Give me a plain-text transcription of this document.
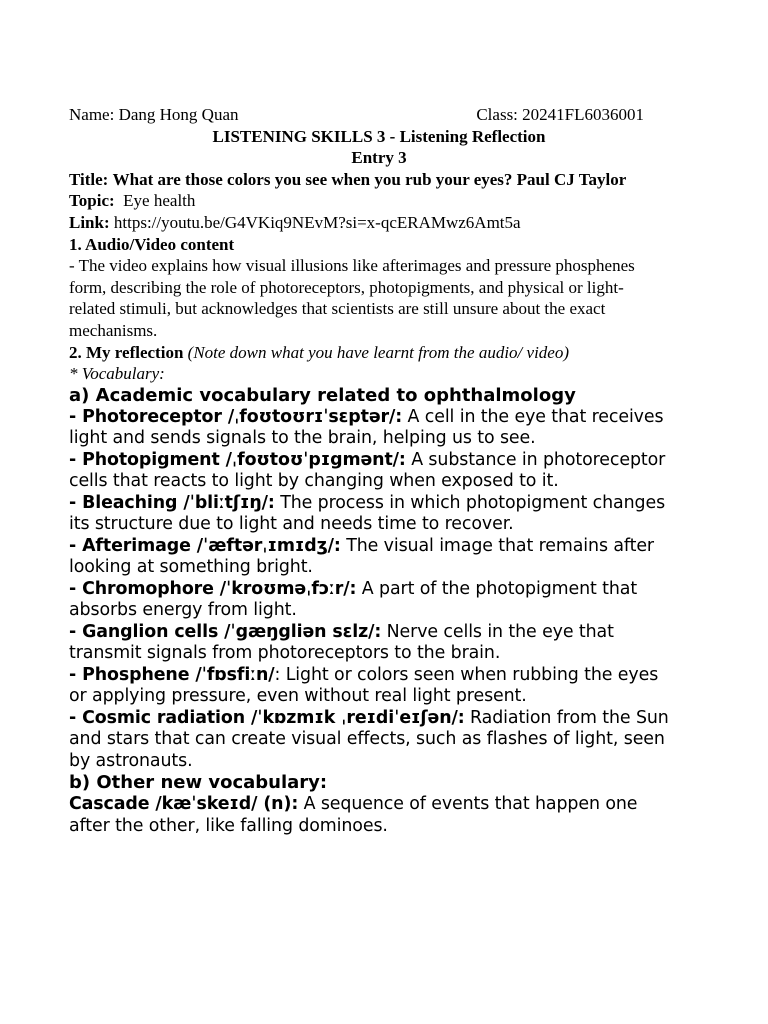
Name: Dang Hong Quan	Class: 20241FL6036001
LISTENING SKILLS 3 - Listening Reflection
Entry 3

Title: What are those colors you see when you rub your eyes? Paul CJ Taylor

Topic: Eye health

Link: https://youtu.be/G4VKiq9NEvM?si=x-qcERAMwz6Amt5a

1. Audio/Video content

- The video explains how visual illusions like afterimages and pressure phosphenes form, describing the role of photoreceptors, photopigments, and physical or light-related stimuli, but acknowledges that scientists are still unsure about the exact mechanisms.

2. My reflection (Note down what you have learnt from the audio/ video)

* Vocabulary:

a) Academic vocabulary related to ophthalmology

- Photoreceptor /ˌfoʊtoʊrɪˈsɛptər/: A cell in the eye that receives light and sends signals to the brain, helping us to see.

- Photopigment /ˌfoʊtoʊˈpɪgmənt/: A substance in photoreceptor cells that reacts to light by changing when exposed to it.

- Bleaching /ˈbliːtʃɪŋ/: The process in which photopigment changes its structure due to light and needs time to recover.

- Afterimage /ˈæftərˌɪmɪdʒ/: The visual image that remains after looking at something bright.

- Chromophore /ˈkroʊməˌfɔːr/: A part of the photopigment that absorbs energy from light.

- Ganglion cells /ˈgæŋgliən sɛlz/: Nerve cells in the eye that transmit signals from photoreceptors to the brain.

- Phosphene /ˈfɒsfiːn/: Light or colors seen when rubbing the eyes or applying pressure, even without real light present.

- Cosmic radiation /ˈkɒzmɪk ˌreɪdiˈeɪʃən/: Radiation from the Sun and stars that can create visual effects, such as flashes of light, seen by astronauts.

b) Other new vocabulary:

Cascade /kæˈskeɪd/ (n): A sequence of events that happen one after the other, like falling dominoes.
